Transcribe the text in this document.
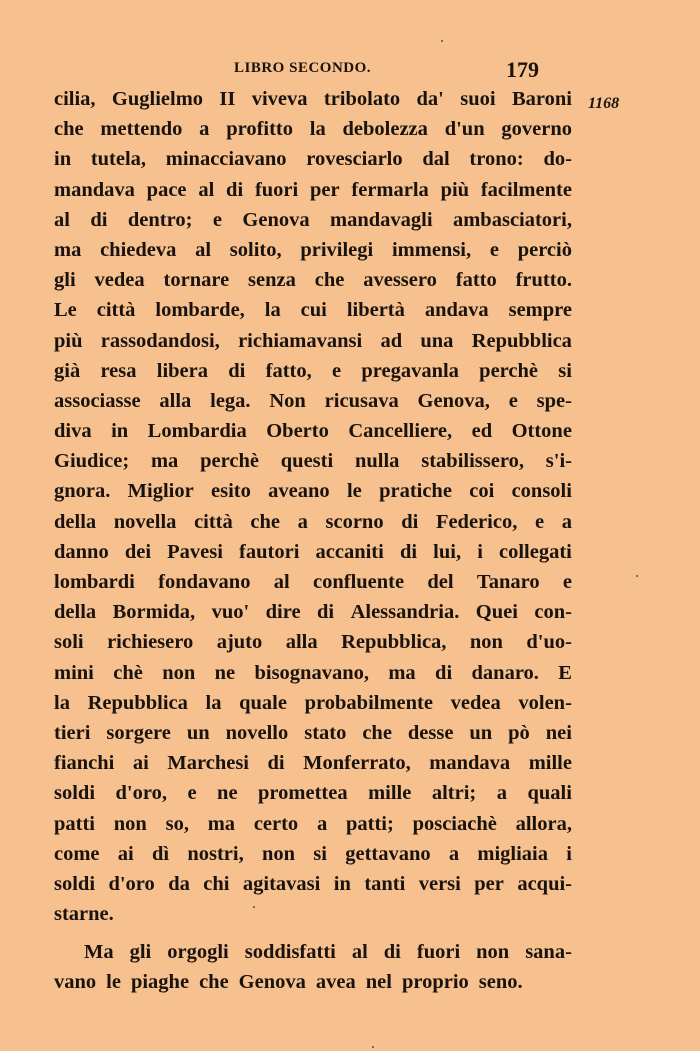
LIBRO SECONDO.	179
1168
cilia, Guglielmo II viveva tribolato da' suoi Baroni
che mettendo a profitto la debolezza d'un governo
in tutela, minacciavano rovesciarlo dal trono: do-
mandava pace al di fuori per fermarla più facilmente
al di dentro; e Genova mandavagli ambasciatori,
ma chiedeva al solito, privilegi immensi, e perciò
gli vedea tornare senza che avessero fatto frutto.
Le città lombarde, la cui libertà andava sempre
più rassodandosi, richiamavansi ad una Repubblica
già resa libera di fatto, e pregavanla perchè si
associasse alla lega. Non ricusava Genova, e spe-
diva in Lombardia Oberto Cancelliere, ed Ottone
Giudice; ma perchè questi nulla stabilissero, s'i-
gnora. Miglior esito aveano le pratiche coi consoli
della novella città che a scorno di Federico, e a
danno dei Pavesi fautori accaniti di lui, i collegati
lombardi fondavano al confluente del Tanaro e
della Bormida, vuo' dire di Alessandria. Quei con-
soli richiesero ajuto alla Repubblica, non d'uo-
mini chè non ne bisognavano, ma di danaro. E
la Repubblica la quale probabilmente vedea volen-
tieri sorgere un novello stato che desse un pò nei
fianchi ai Marchesi di Monferrato, mandava mille
soldi d'oro, e ne promettea mille altri; a quali
patti non so, ma certo a patti; posciachè allora,
come ai dì nostri, non si gettavano a migliaia i
soldi d'oro da chi agitavasi in tanti versi per acqui-
starne.
Ma gli orgogli soddisfatti al di fuori non sana-
vano le piaghe che Genova avea nel proprio seno.
